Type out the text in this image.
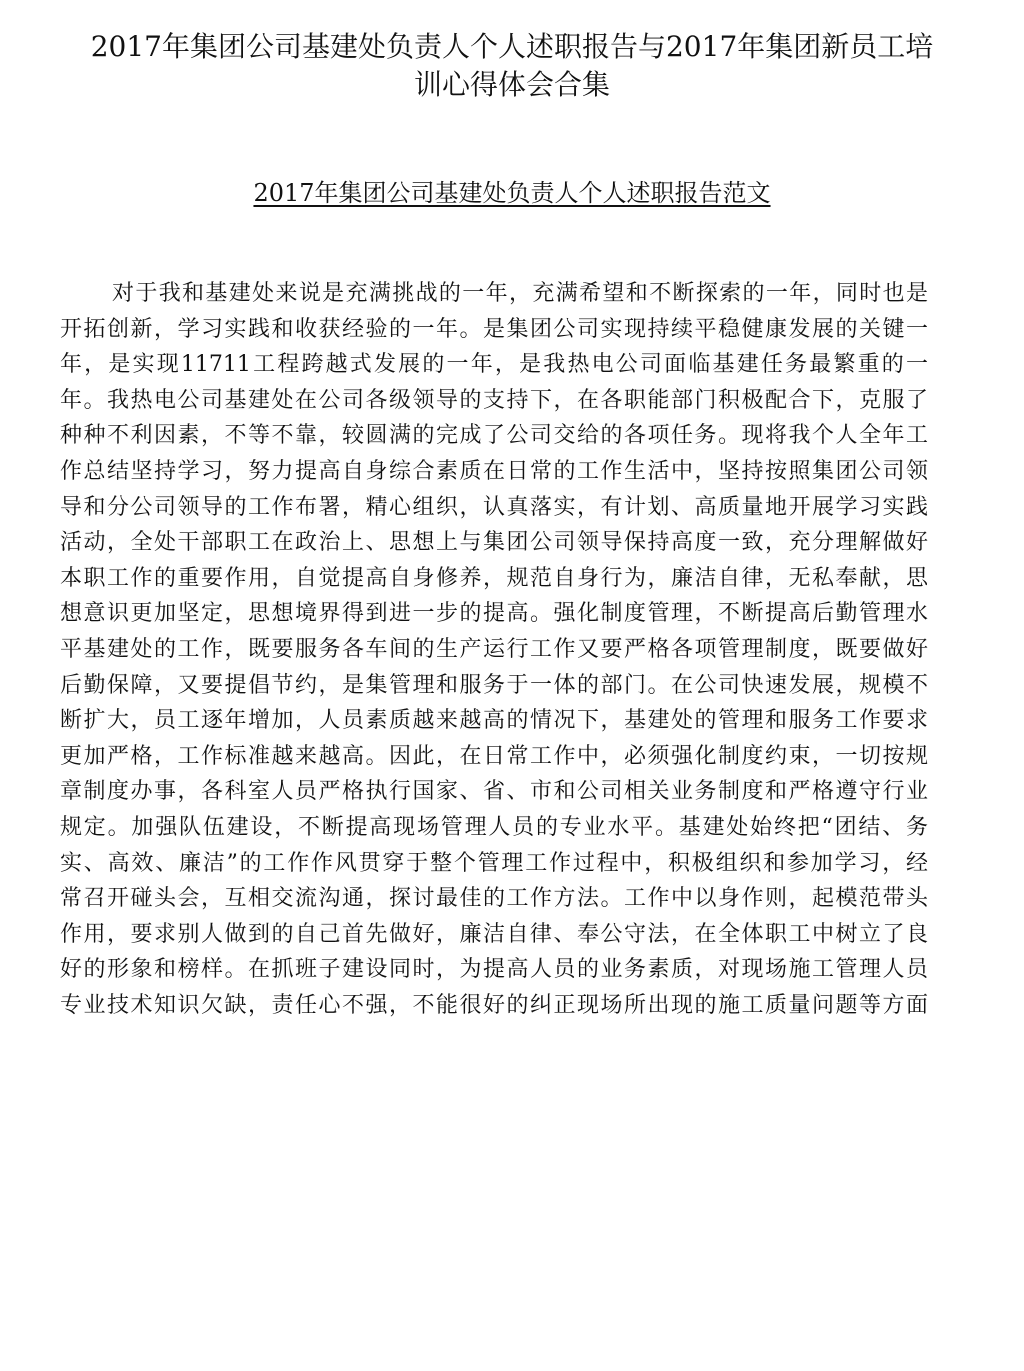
2017年集团公司基建处负责人个人述职报告与2017年集团新员工培
训心得体会合集
2017年集团公司基建处负责人个人述职报告范文
对于我和基建处来说是充满挑战的一年，充满希望和不断探索的一年，同时也是
开拓创新，学习实践和收获经验的一年。是集团公司实现持续平稳健康发展的关键一
年，是实现11711工程跨越式发展的一年，是我热电公司面临基建任务最繁重的一
年。我热电公司基建处在公司各级领导的支持下，在各职能部门积极配合下，克服了
种种不利因素，不等不靠，较圆满的完成了公司交给的各项任务。现将我个人全年工
作总结坚持学习，努力提高自身综合素质在日常的工作生活中，坚持按照集团公司领
导和分公司领导的工作布署，精心组织，认真落实，有计划、高质量地开展学习实践
活动，全处干部职工在政治上、思想上与集团公司领导保持高度一致，充分理解做好
本职工作的重要作用，自觉提高自身修养，规范自身行为，廉洁自律，无私奉献，思
想意识更加坚定，思想境界得到进一步的提高。强化制度管理，不断提高后勤管理水
平基建处的工作，既要服务各车间的生产运行工作又要严格各项管理制度，既要做好
后勤保障，又要提倡节约，是集管理和服务于一体的部门。在公司快速发展，规模不
断扩大，员工逐年增加，人员素质越来越高的情况下，基建处的管理和服务工作要求
更加严格，工作标准越来越高。因此，在日常工作中，必须强化制度约束，一切按规
章制度办事，各科室人员严格执行国家、省、市和公司相关业务制度和严格遵守行业
规定。加强队伍建设，不断提高现场管理人员的专业水平。基建处始终把“团结、务
实、高效、廉洁”的工作作风贯穿于整个管理工作过程中，积极组织和参加学习，经
常召开碰头会，互相交流沟通，探讨最佳的工作方法。工作中以身作则，起模范带头
作用，要求别人做到的自己首先做好，廉洁自律、奉公守法，在全体职工中树立了良
好的形象和榜样。在抓班子建设同时，为提高人员的业务素质，对现场施工管理人员
专业技术知识欠缺，责任心不强，不能很好的纠正现场所出现的施工质量问题等方面
